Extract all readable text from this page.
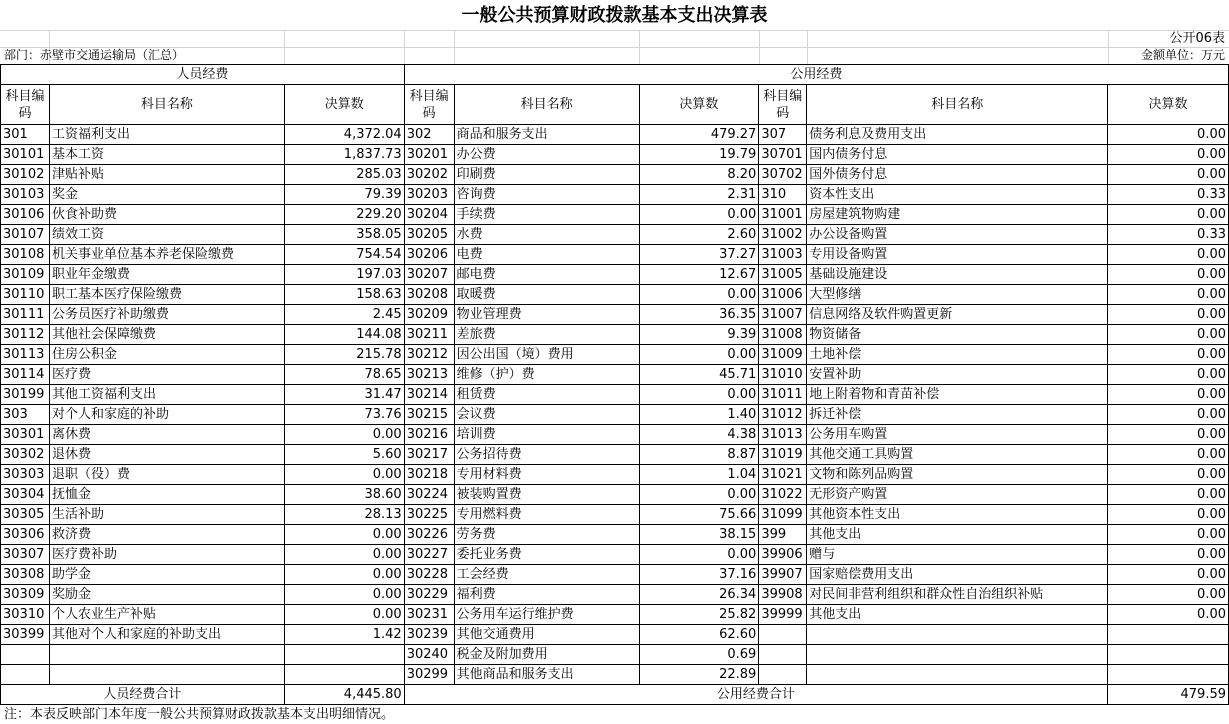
一般公共预算财政拨款基本支出决算表
公开06表
部门：赤壁市交通运输局（汇总）	金额单位：万元
人员经费			公用经费					
科目编码	科目名称	决算数	科目编码	科目名称	决算数	科目编码	科目名称	决算数
301	工资福利支出	4,372.04	302	商品和服务支出	479.27	307	债务利息及费用支出	0.00
30101	基本工资	1,837.73	30201	办公费	19.79	30701	国内债务付息	0.00
30102	津贴补贴	285.03	30202	印刷费	8.20	30702	国外债务付息	0.00
30103	奖金	79.39	30203	咨询费	2.31	310	资本性支出	0.33
30106	伙食补助费	229.20	30204	手续费	0.00	31001	房屋建筑物购建	0.00
30107	绩效工资	358.05	30205	水费	2.60	31002	办公设备购置	0.33
30108	机关事业单位基本养老保险缴费	754.54	30206	电费	37.27	31003	专用设备购置	0.00
30109	职业年金缴费	197.03	30207	邮电费	12.67	31005	基础设施建设	0.00
30110	职工基本医疗保险缴费	158.63	30208	取暖费	0.00	31006	大型修缮	0.00
30111	公务员医疗补助缴费	2.45	30209	物业管理费	36.35	31007	信息网络及软件购置更新	0.00
30112	其他社会保障缴费	144.08	30211	差旅费	9.39	31008	物资储备	0.00
30113	住房公积金	215.78	30212	因公出国（境）费用	0.00	31009	土地补偿	0.00
30114	医疗费	78.65	30213	维修（护）费	45.71	31010	安置补助	0.00
30199	其他工资福利支出	31.47	30214	租赁费	0.00	31011	地上附着物和青苗补偿	0.00
303	对个人和家庭的补助	73.76	30215	会议费	1.40	31012	拆迁补偿	0.00
30301	离休费	0.00	30216	培训费	4.38	31013	公务用车购置	0.00
30302	退休费	5.60	30217	公务招待费	8.87	31019	其他交通工具购置	0.00
30303	退职（役）费	0.00	30218	专用材料费	1.04	31021	文物和陈列品购置	0.00
30304	抚恤金	38.60	30224	被装购置费	0.00	31022	无形资产购置	0.00
30305	生活补助	28.13	30225	专用燃料费	75.66	31099	其他资本性支出	0.00
30306	救济费	0.00	30226	劳务费	38.15	399	其他支出	0.00
30307	医疗费补助	0.00	30227	委托业务费	0.00	39906	赠与	0.00
30308	助学金	0.00	30228	工会经费	37.16	39907	国家赔偿费用支出	0.00
30309	奖励金	0.00	30229	福利费	26.34	39908	对民间非营利组织和群众性自治组织补贴	0.00
30310	个人农业生产补贴	0.00	30231	公务用车运行维护费	25.82	39999	其他支出	0.00
30399	其他对个人和家庭的补助支出	1.42	30239	其他交通费用	62.60			
			30240	税金及附加费用	0.69			
			30299	其他商品和服务支出	22.89			
人员经费合计		4,445.80	公用经费合计					479.59
注：本表反映部门本年度一般公共预算财政拨款基本支出明细情况。
